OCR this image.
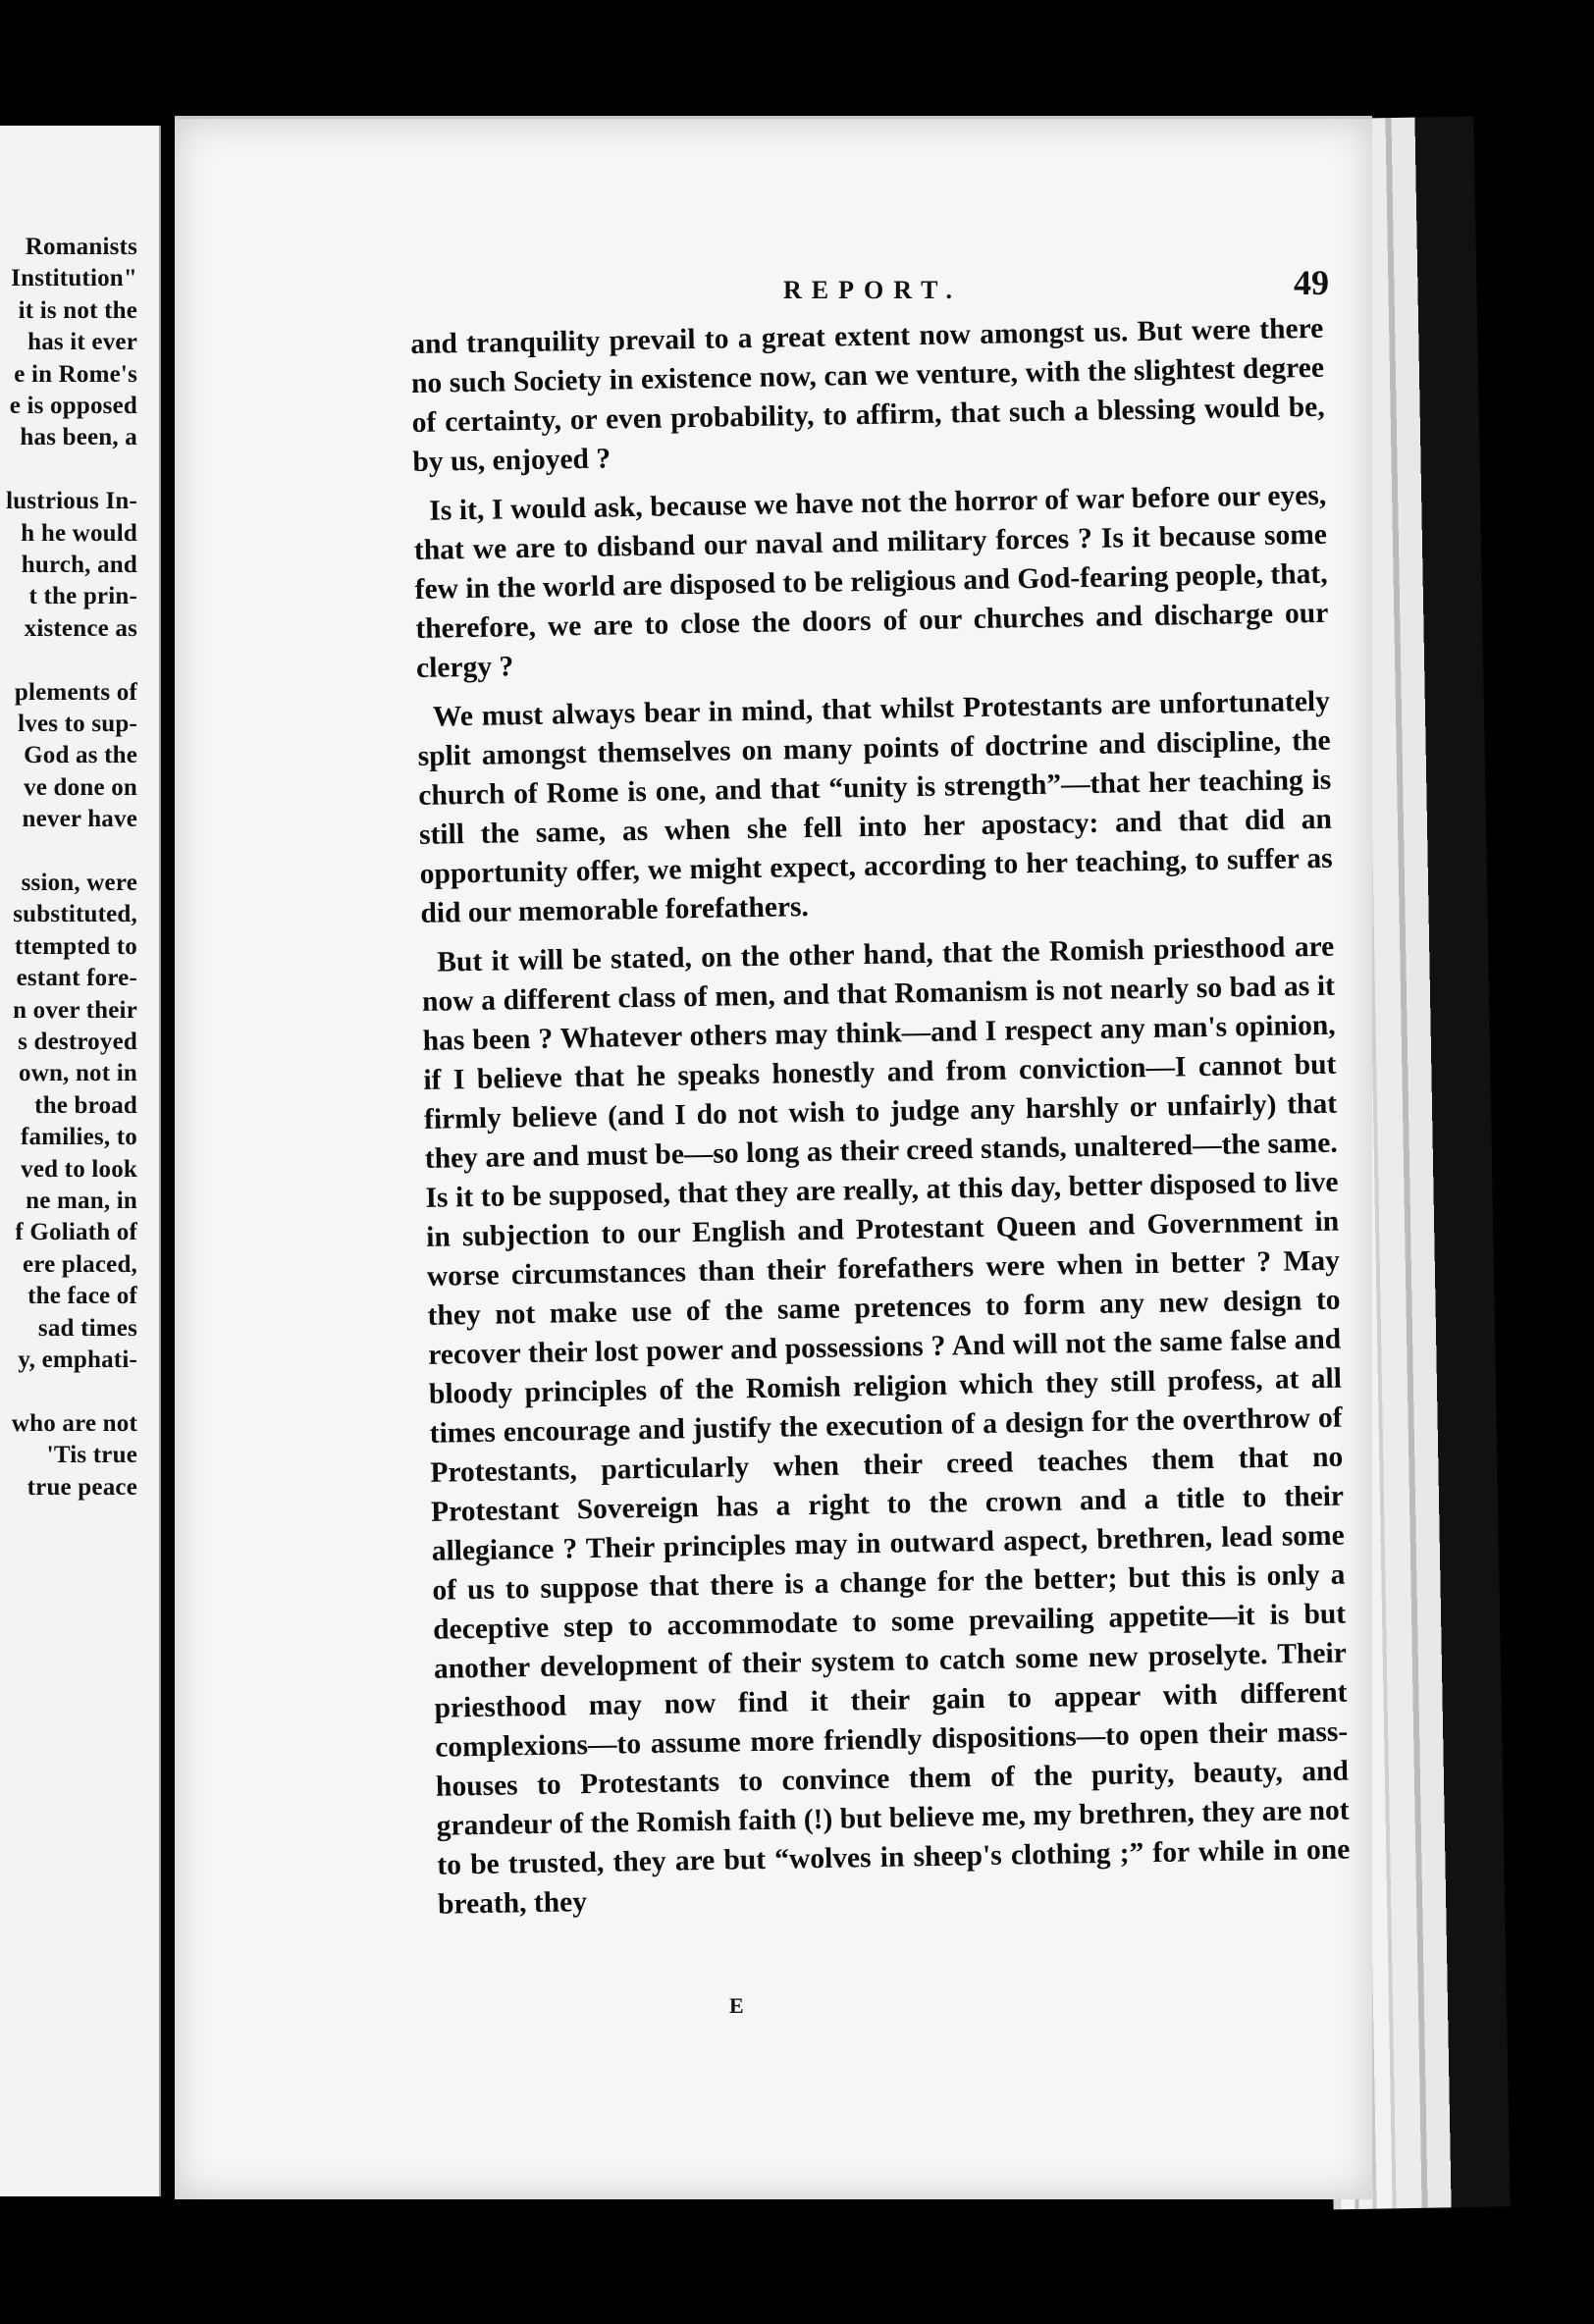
Romanists
Institution"
it is not the
has it ever
e in Rome's
e is opposed
has been, a
lustrious In-
h he would
hurch, and
t the prin-
xistence as
plements of
lves to sup-
God as the
ve done on
never have
ssion, were
substituted,
ttempted to
estant fore-
n over their
s destroyed
own, not in
the broad
families, to
ved to look
ne man, in
f Goliath of
ere placed,
the face of
sad times
y, emphati-
who are not
'Tis true
true peace
REPORT.	49

and tranquility prevail to a great extent now amongst us. But were there no such Society in existence now, can we venture, with the slightest degree of certainty, or even probability, to affirm, that such a blessing would be, by us, enjoyed ?

Is it, I would ask, because we have not the horror of war before our eyes, that we are to disband our naval and military forces ? Is it because some few in the world are disposed to be religious and God-fearing people, that, therefore, we are to close the doors of our churches and discharge our clergy ?

We must always bear in mind, that whilst Protestants are unfortunately split amongst themselves on many points of doctrine and discipline, the church of Rome is one, and that “unity is strength”—that her teaching is still the same, as when she fell into her apostacy: and that did an opportunity offer, we might expect, according to her teaching, to suffer as did our memorable forefathers.

But it will be stated, on the other hand, that the Romish priesthood are now a different class of men, and that Romanism is not nearly so bad as it has been ? Whatever others may think—and I respect any man's opinion, if I believe that he speaks honestly and from conviction—I cannot but firmly believe (and I do not wish to judge any harshly or unfairly) that they are and must be—so long as their creed stands, unaltered—the same. Is it to be supposed, that they are really, at this day, better disposed to live in subjection to our English and Protestant Queen and Government in worse circumstances than their forefathers were when in better ? May they not make use of the same pretences to form any new design to recover their lost power and possessions ? And will not the same false and bloody principles of the Romish religion which they still profess, at all times encourage and justify the execution of a design for the overthrow of Protestants, particularly when their creed teaches them that no Protestant Sovereign has a right to the crown and a title to their allegiance ? Their principles may in outward aspect, brethren, lead some of us to suppose that there is a change for the better; but this is only a deceptive step to accommodate to some prevailing appetite—it is but another development of their system to catch some new proselyte. Their priesthood may now find it their gain to appear with different complexions—to assume more friendly dispositions—to open their mass-houses to Protestants to convince them of the purity, beauty, and grandeur of the Romish faith (!) but believe me, my brethren, they are not to be trusted, they are but “wolves in sheep's clothing ;” for while in one breath, they

E
